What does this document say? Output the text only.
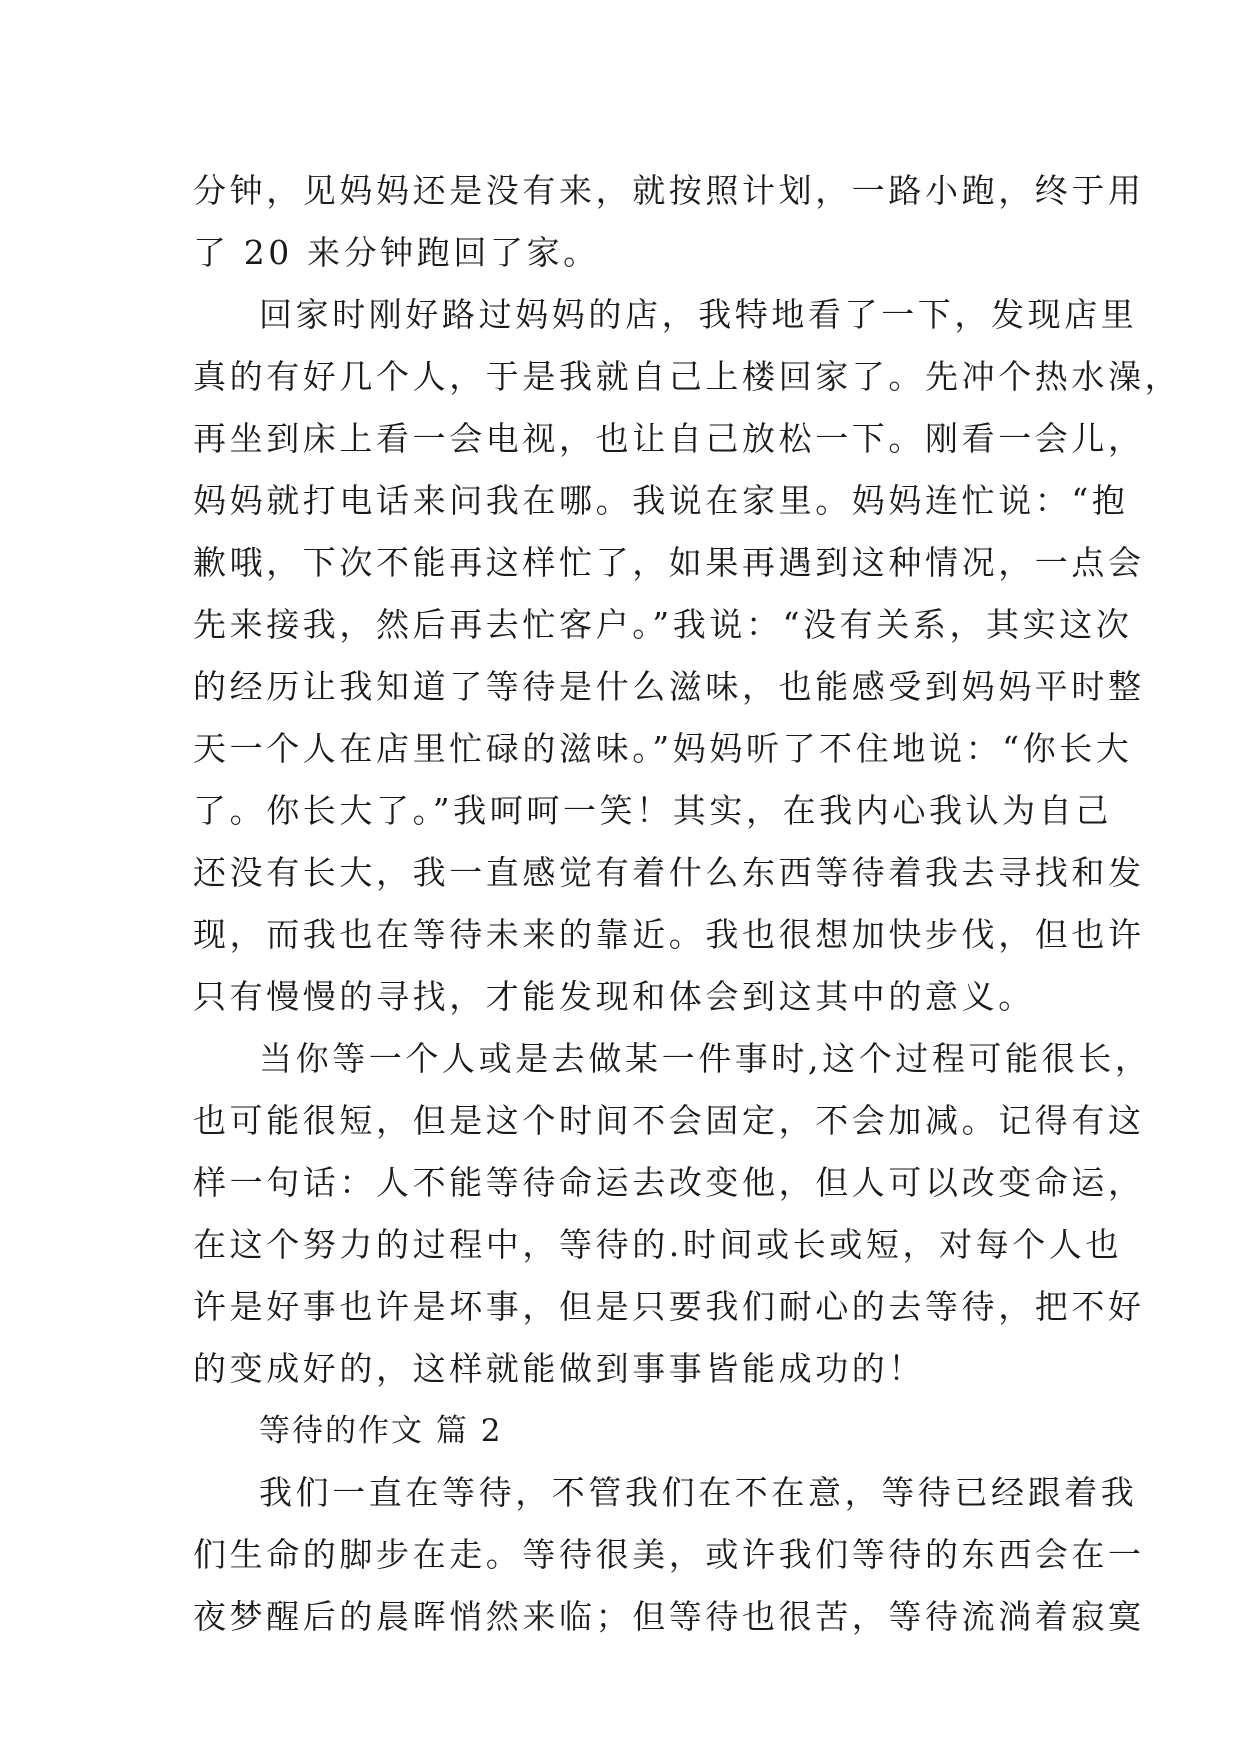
分钟，见妈妈还是没有来，就按照计划，一路小跑，终于用
了 20 来分钟跑回了家。
回家时刚好路过妈妈的店，我特地看了一下，发现店里
真的有好几个人，于是我就自己上楼回家了。先冲个热水澡，
再坐到床上看一会电视，也让自己放松一下。刚看一会儿，
妈妈就打电话来问我在哪。我说在家里。妈妈连忙说：“抱
歉哦，下次不能再这样忙了，如果再遇到这种情况，一点会
先来接我，然后再去忙客户。”我说：“没有关系，其实这次
的经历让我知道了等待是什么滋味，也能感受到妈妈平时整
天一个人在店里忙碌的滋味。”妈妈听了不住地说：“你长大
了。你长大了。”我呵呵一笑！其实，在我内心我认为自己
还没有长大，我一直感觉有着什么东西等待着我去寻找和发
现，而我也在等待未来的靠近。我也很想加快步伐，但也许
只有慢慢的寻找，才能发现和体会到这其中的意义。
当你等一个人或是去做某一件事时,这个过程可能很长，
也可能很短，但是这个时间不会固定，不会加减。记得有这
样一句话：人不能等待命运去改变他，但人可以改变命运，
在这个努力的过程中，等待的.时间或长或短，对每个人也
许是好事也许是坏事，但是只要我们耐心的去等待，把不好
的变成好的，这样就能做到事事皆能成功的！
等待的作文 篇 2
我们一直在等待，不管我们在不在意，等待已经跟着我
们生命的脚步在走。等待很美，或许我们等待的东西会在一
夜梦醒后的晨晖悄然来临；但等待也很苦，等待流淌着寂寞
